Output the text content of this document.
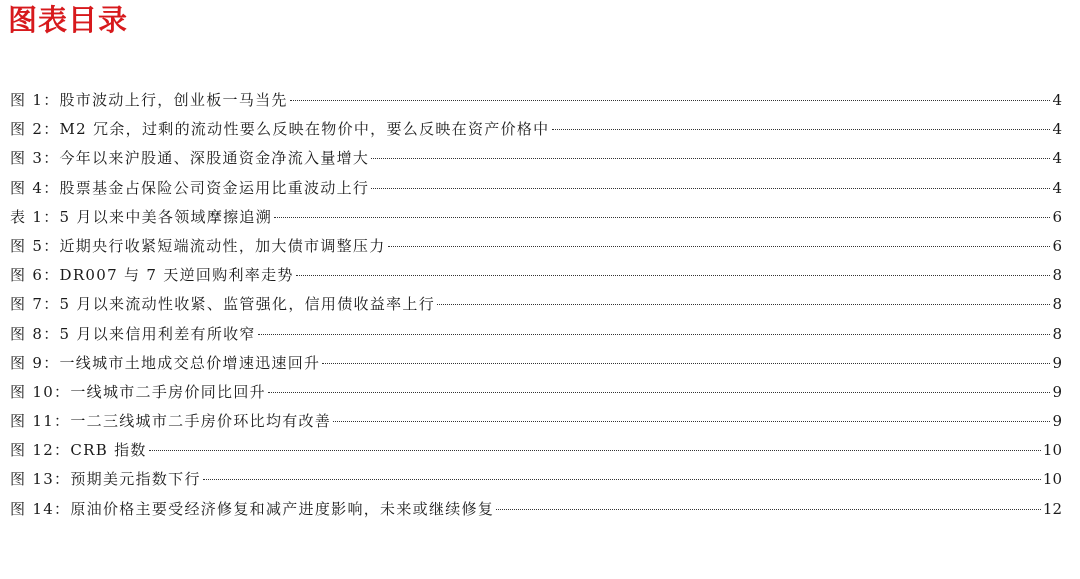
图表目录
图 1：股市波动上行，创业板一马当先	4
图 2：M2 冗余，过剩的流动性要么反映在物价中，要么反映在资产价格中	4
图 3：今年以来沪股通、深股通资金净流入量增大	4
图 4：股票基金占保险公司资金运用比重波动上行	4
表 1：5 月以来中美各领域摩擦追溯	6
图 5：近期央行收紧短端流动性，加大债市调整压力	6
图 6：DR007 与 7 天逆回购利率走势	8
图 7：5 月以来流动性收紧、监管强化，信用债收益率上行	8
图 8：5 月以来信用利差有所收窄	8
图 9：一线城市土地成交总价增速迅速回升	9
图 10：一线城市二手房价同比回升	9
图 11：一二三线城市二手房价环比均有改善	9
图 12：CRB 指数	10
图 13：预期美元指数下行	10
图 14：原油价格主要受经济修复和减产进度影响，未来或继续修复	12
